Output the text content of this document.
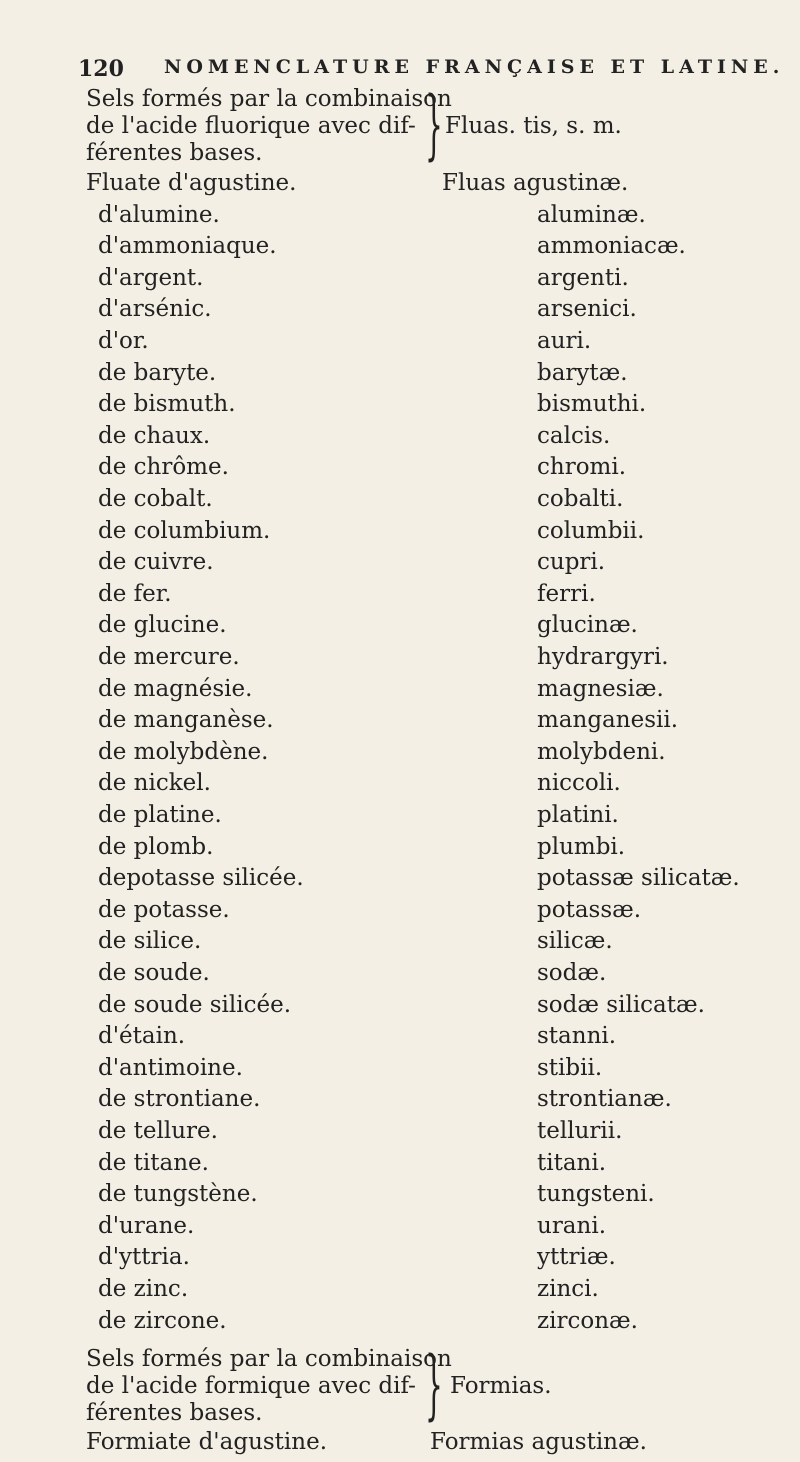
120 NOMENCLATURE FRANÇAISE ET LATINE.
Sels formés par la combinaison
de l'acide fluorique avec dif-
férentes bases.	} Fluas. tis, s. m.
Fluate d'agustine.	Fluas agustinæ.
d'alumine.	aluminæ.
d'ammoniaque.	ammoniacæ.
d'argent.	argenti.
d'arsénic.	arsenici.
d'or.	auri.
de baryte.	barytæ.
de bismuth.	bismuthi.
de chaux.	calcis.
de chrôme.	chromi.
de cobalt.	cobalti.
de columbium.	columbii.
de cuivre.	cupri.
de fer.	ferri.
de glucine.	glucinæ.
de mercure.	hydrargyri.
de magnésie.	magnesiæ.
de manganèse.	manganesii.
de molybdène.	molybdeni.
de nickel.	niccoli.
de platine.	platini.
de plomb.	plumbi.
depotasse silicée.	potassæ silicatæ.
de potasse.	potassæ.
de silice.	silicæ.
de soude.	sodæ.
de soude silicée.	sodæ silicatæ.
d'étain.	stanni.
d'antimoine.	stibii.
de strontiane.	strontianæ.
de tellure.	tellurii.
de titane.	titani.
de tungstène.	tungsteni.
d'urane.	urani.
d'yttria.	yttriæ.
de zinc.	zinci.
de zircone.	zirconæ.
Sels formés par la combinaison
de l'acide formique avec dif-
férentes bases.	} Formias.
Formiate d'agustine.	Formias agustinæ.
